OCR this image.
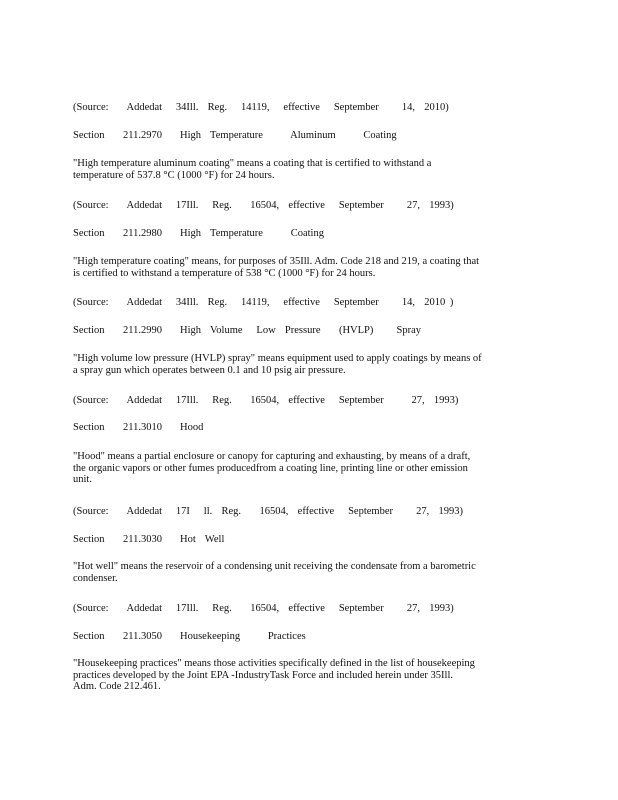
(Source:    Addedat   34Ill.  Reg.   14119,   effective   September     14,  2010)
Section    211.2970 High  Temperature      Aluminum      Coating
"High temperature aluminum coating" means a coating that is certified to withstand a
temperature of 537.8 °C (1000 °F) for 24 hours.
(Source:    Addedat   17Ill.   Reg.    16504,  effective   September     27,  1993)
Section    211.2980 High  Temperature      Coating
"High temperature coating" means, for purposes of 35Ill. Adm. Code 218 and 219, a coating that
is certified to withstand a temperature of 538 °C (1000 °F) for 24 hours.
(Source:    Addedat   34Ill.  Reg.   14119,   effective   September     14,  2010 )
Section    211.2990 High  Volume   Low  Pressure    (HVLP)     Spray
"High volume low pressure (HVLP) spray" means equipment used to apply coatings by means of
a spray gun which operates between 0.1 and 10 psig air pressure.
(Source:    Addedat   17Ill.   Reg.    16504,  effective   September      27,  1993)
Section    211.3010 Hood
"Hood" means a partial enclosure or canopy for capturing and exhausting, by means of a draft,
the organic vapors or other fumes producedfrom a coating line, printing line or other emission
unit.
(Source:    Addedat   17I   ll.  Reg.    16504,  effective   September     27,  1993)
Section    211.3030 Hot  Well
"Hot well" means the reservoir of a condensing unit receiving the condensate from a barometric
condenser.
(Source:    Addedat   17Ill.   Reg.    16504,  effective   September     27,  1993)
Section    211.3050 Housekeeping      Practices
"Housekeeping practices" means those activities specifically defined in the list of housekeeping
practices developed by the Joint EPA -IndustryTask Force and included herein under 35Ill.
Adm. Code 212.461.
